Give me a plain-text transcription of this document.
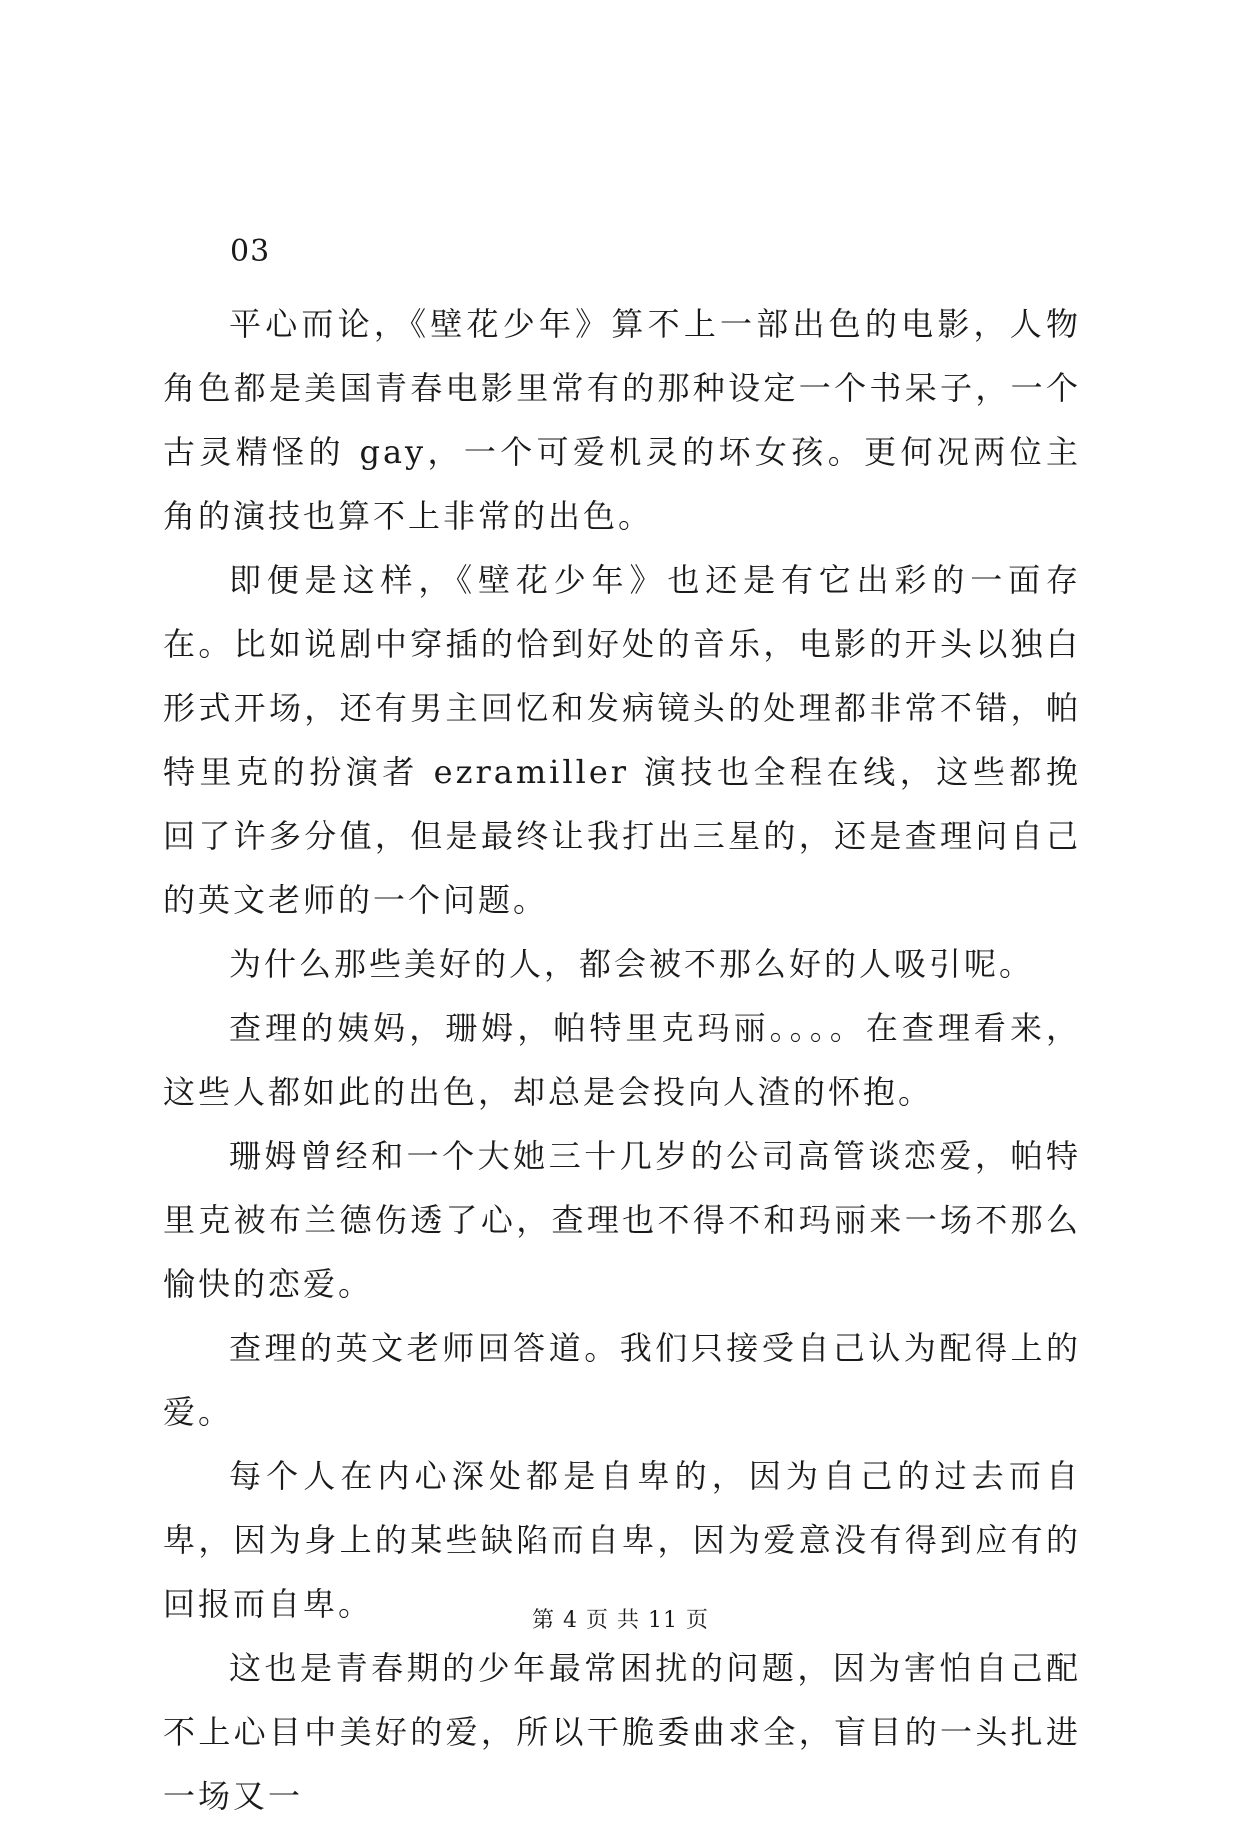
03

平心而论，《壁花少年》算不上一部出色的电影，人物角色都是美国青春电影里常有的那种设定一个书呆子，一个古灵精怪的 gay，一个可爱机灵的坏女孩。更何况两位主角的演技也算不上非常的出色。

即便是这样，《壁花少年》也还是有它出彩的一面存在。比如说剧中穿插的恰到好处的音乐，电影的开头以独白形式开场，还有男主回忆和发病镜头的处理都非常不错，帕特里克的扮演者 ezramiller 演技也全程在线，这些都挽回了许多分值，但是最终让我打出三星的，还是查理问自己的英文老师的一个问题。

为什么那些美好的人，都会被不那么好的人吸引呢。

查理的姨妈，珊姆，帕特里克玛丽。。。。在查理看来，这些人都如此的出色，却总是会投向人渣的怀抱。

珊姆曾经和一个大她三十几岁的公司高管谈恋爱，帕特里克被布兰德伤透了心，查理也不得不和玛丽来一场不那么愉快的恋爱。

查理的英文老师回答道。我们只接受自己认为配得上的爱。

每个人在内心深处都是自卑的，因为自己的过去而自卑，因为身上的某些缺陷而自卑，因为爱意没有得到应有的回报而自卑。

这也是青春期的少年最常困扰的问题，因为害怕自己配不上心目中美好的爱，所以干脆委曲求全，盲目的一头扎进一场又一

第 4 页 共 11 页
